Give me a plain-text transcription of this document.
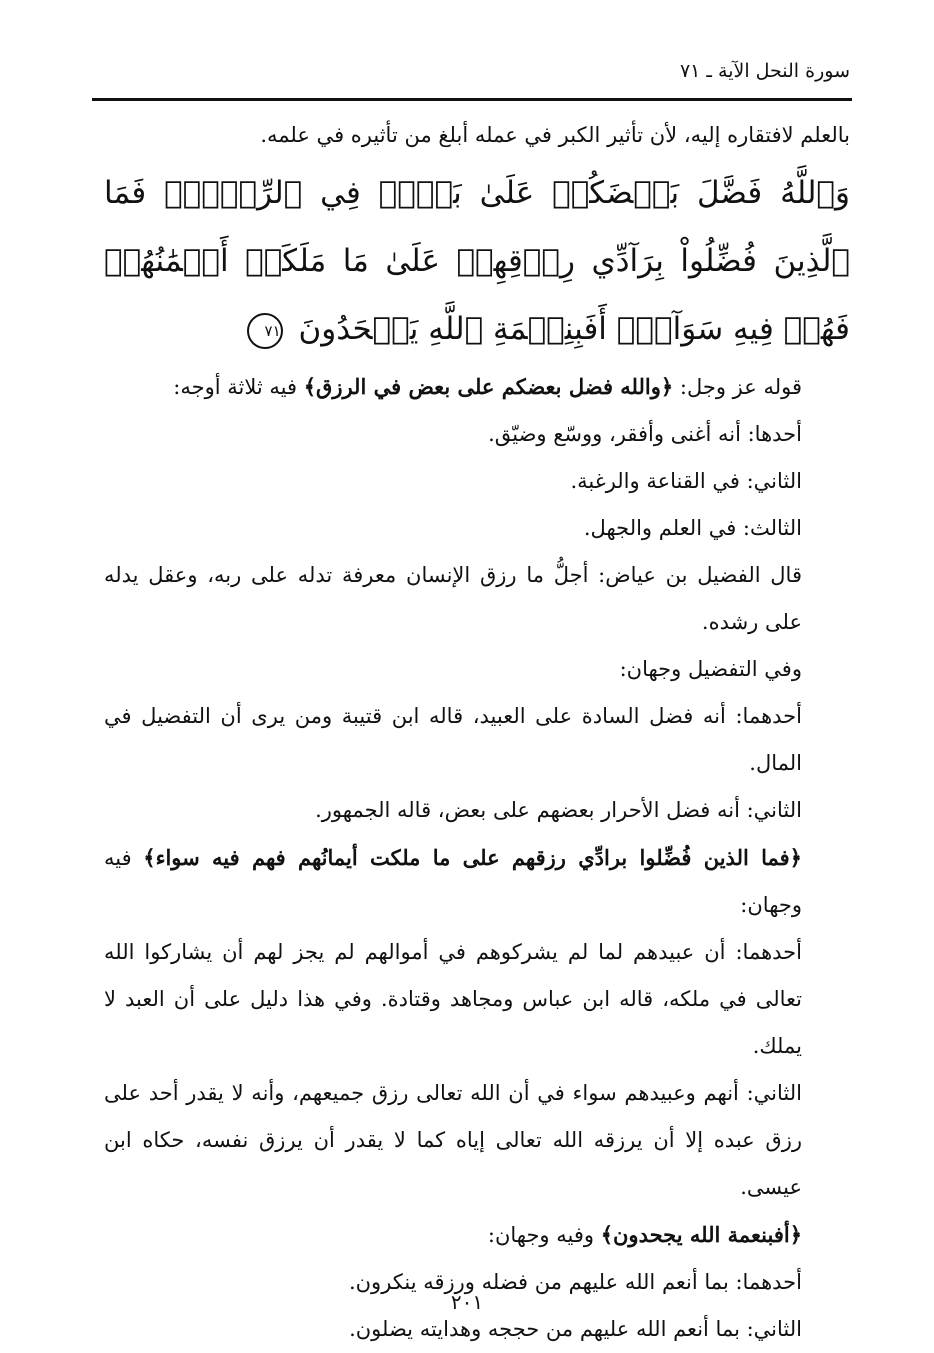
سورة النحل الآية ـ ٧١

بالعلم لافتقاره إليه، لأن تأثير الكبر في عمله أبلغ من تأثيره في علمه.

وَٱللَّهُ فَضَّلَ بَعۡضَكُمۡ عَلَىٰ بَعۡضٖ فِي ٱلرِّزۡقِۚ فَمَا ٱلَّذِينَ فُضِّلُواْ بِرَآدِّي رِزۡقِهِمۡ عَلَىٰ مَا مَلَكَتۡ أَيۡمَٰنُهُمۡ فَهُمۡ فِيهِ سَوَآءٌۚ أَفَبِنِعۡمَةِ ٱللَّهِ يَجۡحَدُونَ ٧١

قوله عز وجل: ﴿والله فضل بعضكم على بعض في الرزق﴾ فيه ثلاثة أوجه:

أحدها: أنه أغنى وأفقر، ووسّع وضيّق.

الثاني: في القناعة والرغبة.

الثالث: في العلم والجهل.

قال الفضيل بن عياض: أجلُّ ما رزق الإنسان معرفة تدله على ربه، وعقل يدله على رشده.

وفي التفضيل وجهان:

أحدهما: أنه فضل السادة على العبيد، قاله ابن قتيبة ومن يرى أن التفضيل في المال.

الثاني: أنه فضل الأحرار بعضهم على بعض، قاله الجمهور.

﴿فما الذين فُضِّلوا برادِّي رزقهم على ما ملكت أيمانُهم فهم فيه سواء﴾ فيه وجهان:

أحدهما: أن عبيدهم لما لم يشركوهم في أموالهم لم يجز لهم أن يشاركوا الله تعالى في ملكه، قاله ابن عباس ومجاهد وقتادة. وفي هذا دليل على أن العبد لا يملك.

الثاني: أنهم وعبيدهم سواء في أن الله تعالى رزق جميعهم، وأنه لا يقدر أحد على رزق عبده إلا أن يرزقه الله تعالى إياه كما لا يقدر أن يرزق نفسه، حكاه ابن عيسى.

﴿أفبنعمة الله يجحدون﴾ وفيه وجهان:

أحدهما: بما أنعم الله عليهم من فضله ورزقه ينكرون.

الثاني: بما أنعم الله عليهم من حججه وهدايته يضلون.

٢٠١
